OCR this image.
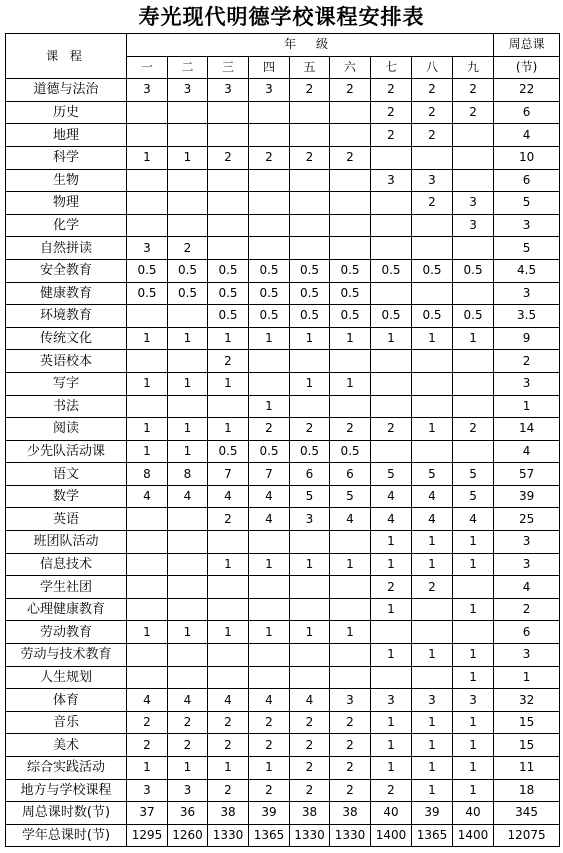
寿光现代明德学校课程安排表
课 程	年 级									周总课
	一	二	三	四	五	六	七	八	九	(节)
道德与法治	3	3	3	3	2	2	2	2	2	22
历史							2	2	2	6
地理							2	2		4
科学	1	1	2	2	2	2				10
生物							3	3		6
物理								2	3	5
化学									3	3
自然拼读	3	2								5
安全教育	0.5	0.5	0.5	0.5	0.5	0.5	0.5	0.5	0.5	4.5
健康教育	0.5	0.5	0.5	0.5	0.5	0.5				3
环境教育			0.5	0.5	0.5	0.5	0.5	0.5	0.5	3.5
传统文化	1	1	1	1	1	1	1	1	1	9
英语校本			2							2
写字	1	1	1		1	1				3
书法				1						1
阅读	1	1	1	2	2	2	2	1	2	14
少先队活动课	1	1	0.5	0.5	0.5	0.5				4
语文	8	8	7	7	6	6	5	5	5	57
数学	4	4	4	4	5	5	4	4	5	39
英语			2	4	3	4	4	4	4	25
班团队活动							1	1	1	3
信息技术			1	1	1	1	1	1	1	3
学生社团							2	2		4
心理健康教育							1		1	2
劳动教育	1	1	1	1	1	1				6
劳动与技术教育							1	1	1	3
人生规划									1	1
体育	4	4	4	4	4	3	3	3	3	32
音乐	2	2	2	2	2	2	1	1	1	15
美术	2	2	2	2	2	2	1	1	1	15
综合实践活动	1	1	1	1	2	2	1	1	1	11
地方与学校课程	3	3	2	2	2	2	2	1	1	18
周总课时数(节)	37	36	38	39	38	38	40	39	40	345
学年总课时(节)	1295	1260	1330	1365	1330	1330	1400	1365	1400	12075
